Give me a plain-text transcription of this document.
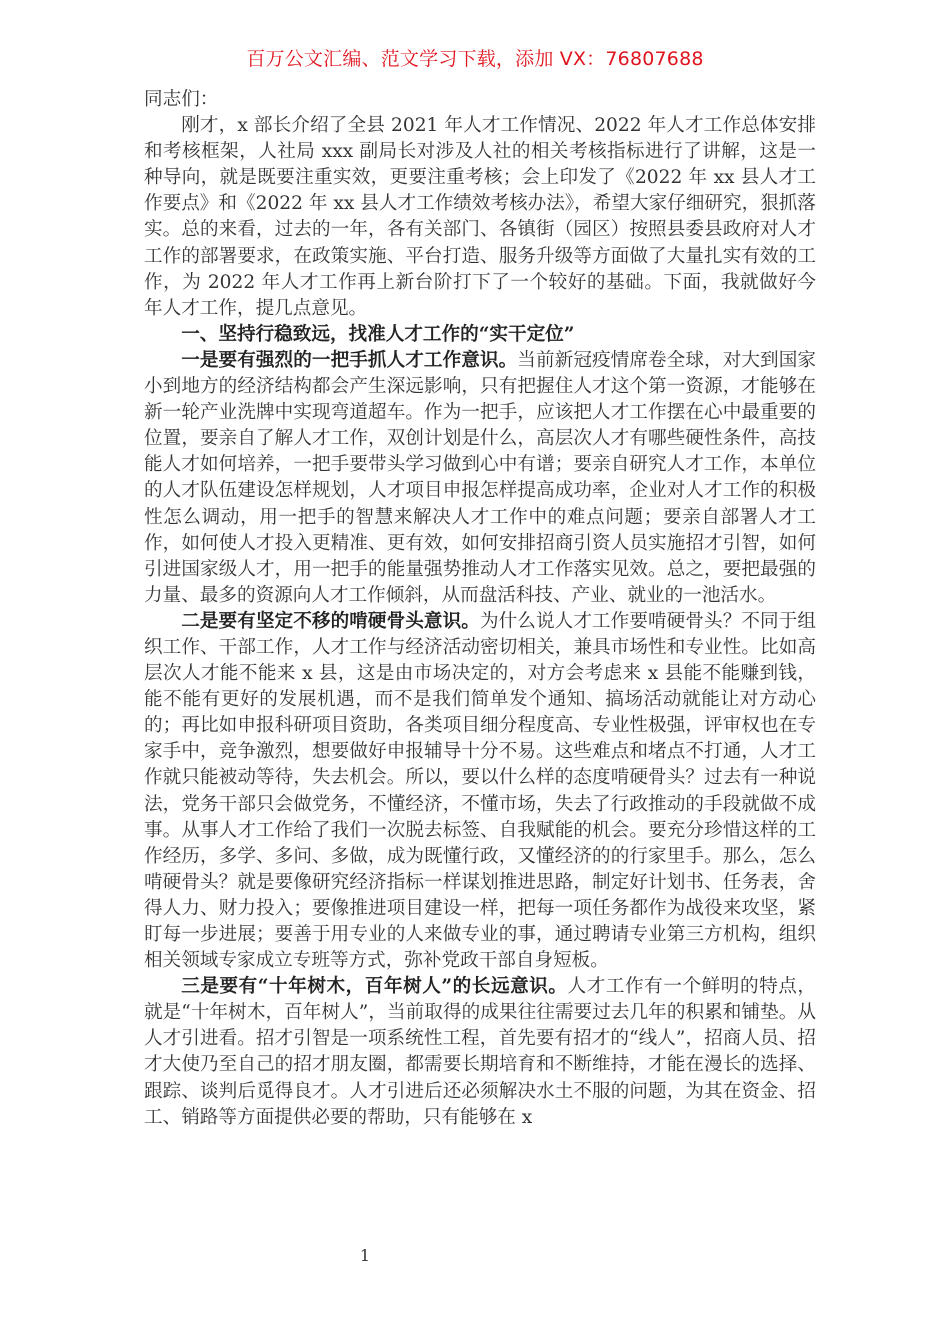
百万公文汇编、范文学习下载，添加 VX：76807688

同志们：

刚才，x 部长介绍了全县 2021 年人才工作情况、2022 年人才工作总体安排和考核框架，人社局 xxx 副局长对涉及人社的相关考核指标进行了讲解，这是一种导向，就是既要注重实效，更要注重考核；会上印发了《2022 年 xx 县人才工作要点》和《2022 年 xx 县人才工作绩效考核办法》，希望大家仔细研究，狠抓落实。总的来看，过去的一年，各有关部门、各镇街（园区）按照县委县政府对人才工作的部署要求，在政策实施、平台打造、服务升级等方面做了大量扎实有效的工作，为 2022 年人才工作再上新台阶打下了一个较好的基础。下面，我就做好今年人才工作，提几点意见。

一、坚持行稳致远，找准人才工作的“实干定位”

一是要有强烈的一把手抓人才工作意识。当前新冠疫情席卷全球，对大到国家小到地方的经济结构都会产生深远影响，只有把握住人才这个第一资源，才能够在新一轮产业洗牌中实现弯道超车。作为一把手，应该把人才工作摆在心中最重要的位置，要亲自了解人才工作，双创计划是什么，高层次人才有哪些硬性条件，高技能人才如何培养，一把手要带头学习做到心中有谱；要亲自研究人才工作，本单位的人才队伍建设怎样规划，人才项目申报怎样提高成功率，企业对人才工作的积极性怎么调动，用一把手的智慧来解决人才工作中的难点问题；要亲自部署人才工作，如何使人才投入更精准、更有效，如何安排招商引资人员实施招才引智，如何引进国家级人才，用一把手的能量强势推动人才工作落实见效。总之，要把最强的力量、最多的资源向人才工作倾斜，从而盘活科技、产业、就业的一池活水。

二是要有坚定不移的啃硬骨头意识。为什么说人才工作要啃硬骨头？不同于组织工作、干部工作，人才工作与经济活动密切相关，兼具市场性和专业性。比如高层次人才能不能来 x 县，这是由市场决定的，对方会考虑来 x 县能不能赚到钱，能不能有更好的发展机遇，而不是我们简单发个通知、搞场活动就能让对方动心的；再比如申报科研项目资助，各类项目细分程度高、专业性极强，评审权也在专家手中，竞争激烈，想要做好申报辅导十分不易。这些难点和堵点不打通，人才工作就只能被动等待，失去机会。所以，要以什么样的态度啃硬骨头？过去有一种说法，党务干部只会做党务，不懂经济，不懂市场，失去了行政推动的手段就做不成事。从事人才工作给了我们一次脱去标签、自我赋能的机会。要充分珍惜这样的工作经历，多学、多问、多做，成为既懂行政，又懂经济的的行家里手。那么，怎么啃硬骨头？就是要像研究经济指标一样谋划推进思路，制定好计划书、任务表，舍得人力、财力投入；要像推进项目建设一样，把每一项任务都作为战役来攻坚，紧盯每一步进展；要善于用专业的人来做专业的事，通过聘请专业第三方机构，组织相关领域专家成立专班等方式，弥补党政干部自身短板。

三是要有“十年树木，百年树人”的长远意识。人才工作有一个鲜明的特点，就是“十年树木，百年树人”，当前取得的成果往往需要过去几年的积累和铺垫。从人才引进看。招才引智是一项系统性工程，首先要有招才的“线人”，招商人员、招才大使乃至自己的招才朋友圈，都需要长期培育和不断维持，才能在漫长的选择、跟踪、谈判后觅得良才。人才引进后还必须解决水土不服的问题，为其在资金、招工、销路等方面提供必要的帮助，只有能够在 x

1
